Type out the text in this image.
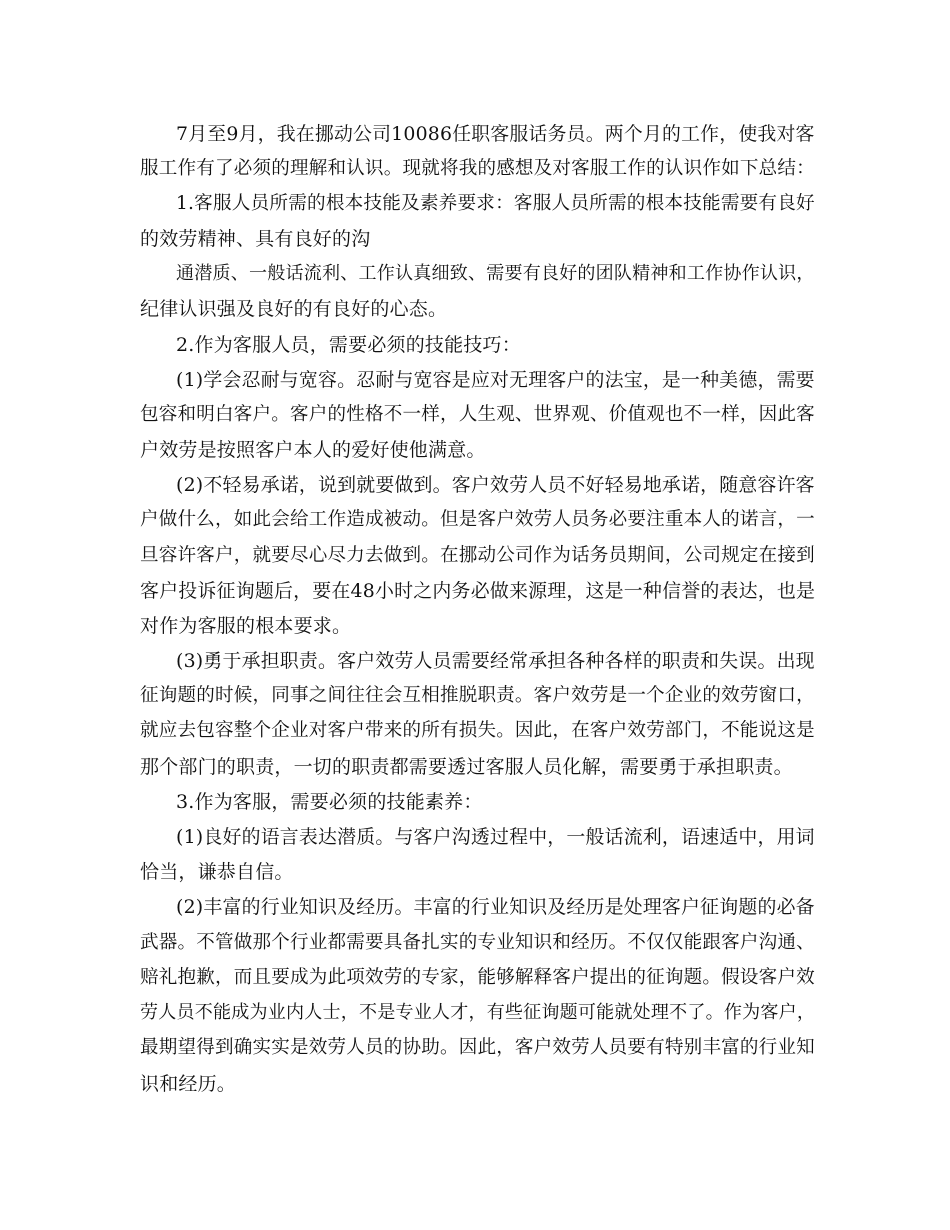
7月至9月，我在挪动公司10086任职客服话务员。两个月的工作，使我对客
服工作有了必须的理解和认识。现就将我的感想及对客服工作的认识作如下总结：
1.客服人员所需的根本技能及素养要求：客服人员所需的根本技能需要有良好
的效劳精神、具有良好的沟
通潜质、一般话流利、工作认真细致、需要有良好的团队精神和工作协作认识，
纪律认识强及良好的有良好的心态。
2.作为客服人员，需要必须的技能技巧：
(1)学会忍耐与宽容。忍耐与宽容是应对无理客户的法宝，是一种美德，需要
包容和明白客户。客户的性格不一样，人生观、世界观、价值观也不一样，因此客
户效劳是按照客户本人的爱好使他满意。
(2)不轻易承诺，说到就要做到。客户效劳人员不好轻易地承诺，随意容许客
户做什么，如此会给工作造成被动。但是客户效劳人员务必要注重本人的诺言，一
旦容许客户，就要尽心尽力去做到。在挪动公司作为话务员期间，公司规定在接到
客户投诉征询题后，要在48小时之内务必做来源理，这是一种信誉的表达，也是
对作为客服的根本要求。
(3)勇于承担职责。客户效劳人员需要经常承担各种各样的职责和失误。出现
征询题的时候，同事之间往往会互相推脱职责。客户效劳是一个企业的效劳窗口，
就应去包容整个企业对客户带来的所有损失。因此，在客户效劳部门，不能说这是
那个部门的职责，一切的职责都需要透过客服人员化解，需要勇于承担职责。
3.作为客服，需要必须的技能素养：
(1)良好的语言表达潜质。与客户沟透过程中，一般话流利，语速适中，用词
恰当，谦恭自信。
(2)丰富的行业知识及经历。丰富的行业知识及经历是处理客户征询题的必备
武器。不管做那个行业都需要具备扎实的专业知识和经历。不仅仅能跟客户沟通、
赔礼抱歉，而且要成为此项效劳的专家，能够解释客户提出的征询题。假设客户效
劳人员不能成为业内人士，不是专业人才，有些征询题可能就处理不了。作为客户，
最期望得到确实实是效劳人员的协助。因此，客户效劳人员要有特别丰富的行业知
识和经历。
